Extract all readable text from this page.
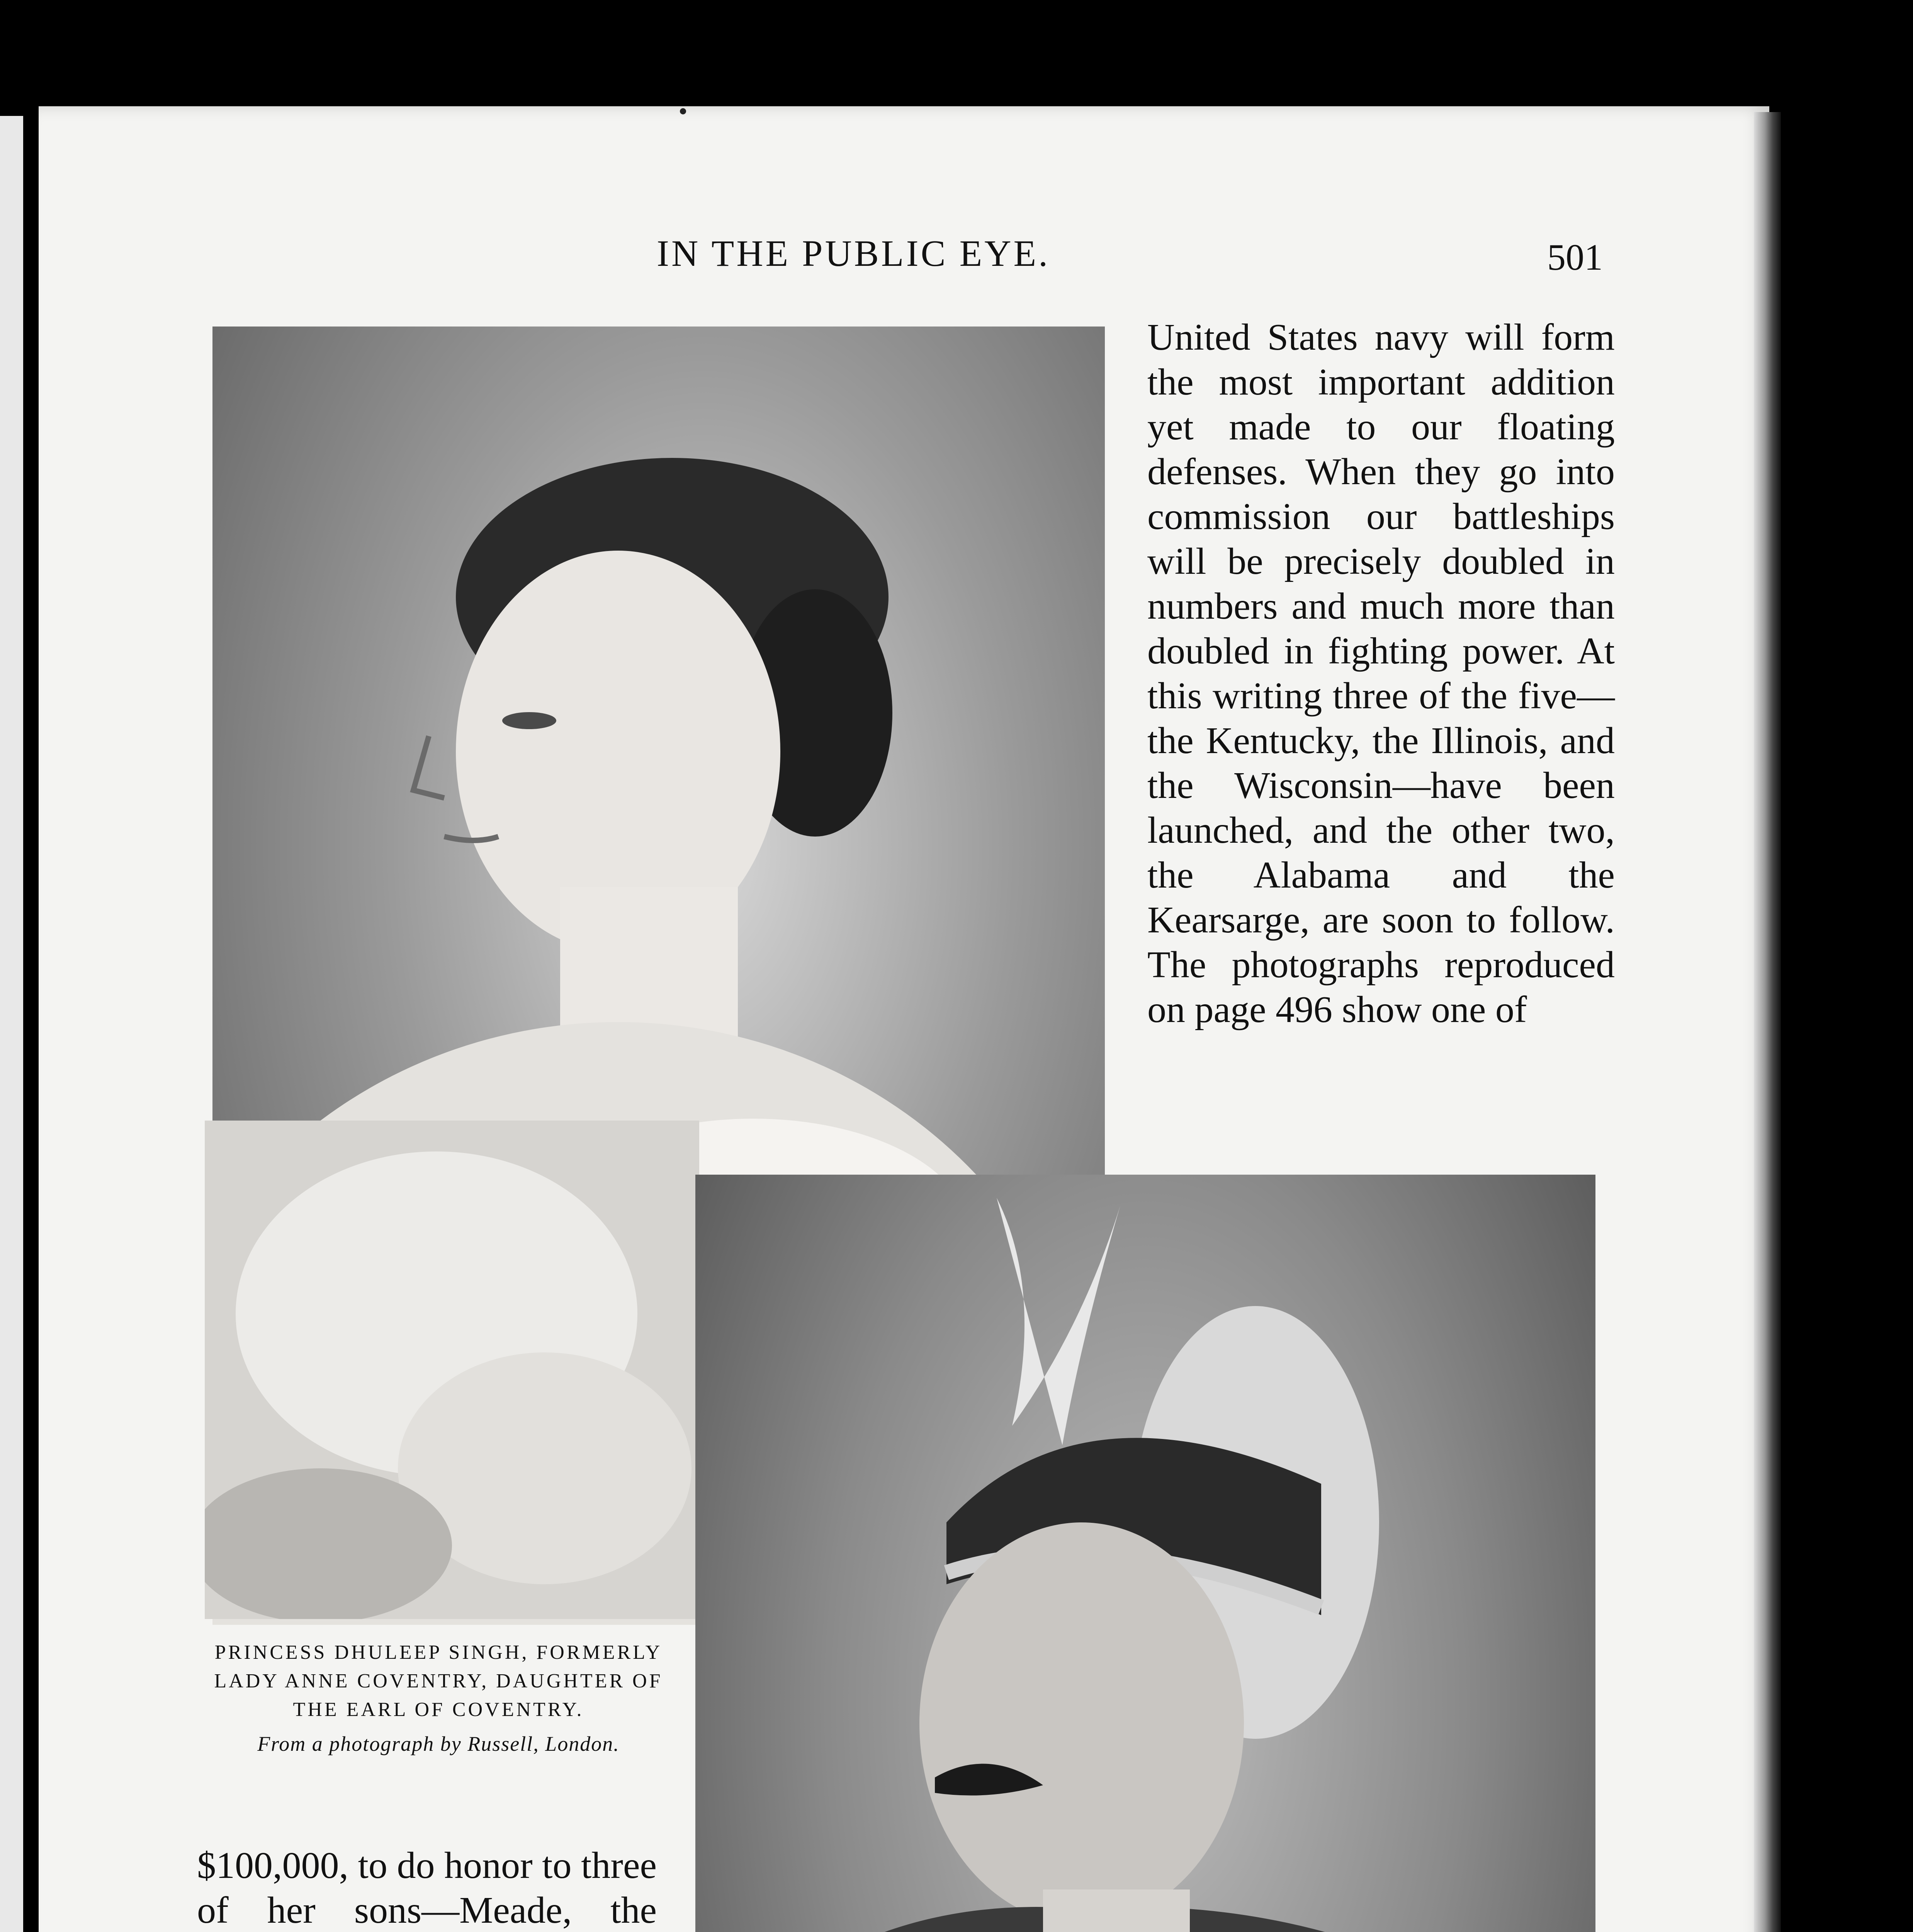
IN THE PUBLIC EYE.	501
PRINCESS DHULEEP SINGH, FORMERLY LADY ANNE COVENTRY, DAUGHTER OF THE EARL OF COVENTRY.
From a photograph by Russell, London.

United States navy will form the most important addition yet made to our floating defenses. When they go into commission our battleships will be precisely doubled in numbers and much more than doubled in fighting power. At this writing three of the five—the Kentucky, the Illinois, and the Wisconsin—have been launched, and the other two, the Alabama and the Kearsarge, are soon to follow. The photographs reproduced on page 496 show one of

$100,000, to do honor to three of her sons—Meade, the
